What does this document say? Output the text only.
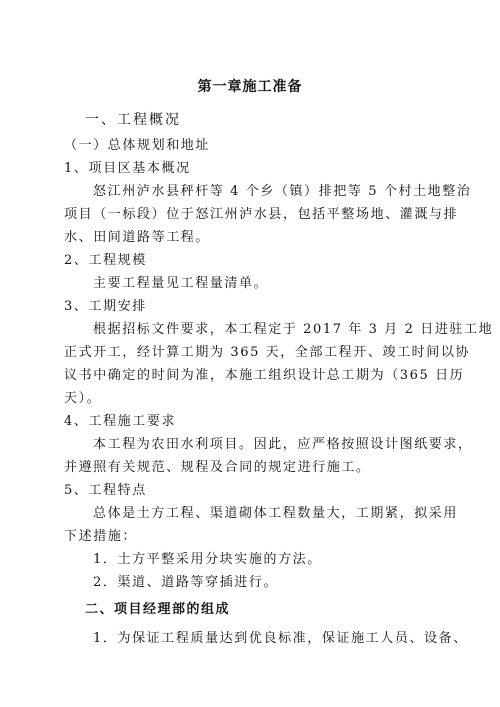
第一章施工准备
一、工程概况
（一）总体规划和地址
1、项目区基本概况
怒江州泸水县秤杆等 4 个乡（镇）排把等 5 个村土地整治
项目（一标段）位于怒江州泸水县，包括平整场地、灌溉与排
水、田间道路等工程。
2、工程规模
主要工程量见工程量清单。
3、工期安排
根据招标文件要求，本工程定于 2017 年 3 月 2 日进驻工地
正式开工，经计算工期为 365 天，全部工程开、竣工时间以协
议书中确定的时间为准，本施工组织设计总工期为（365 日历
天）。
4、工程施工要求
本工程为农田水利项目。因此，应严格按照设计图纸要求，
并遵照有关规范、规程及合同的规定进行施工。
5、工程特点
总体是土方工程、渠道砌体工程数量大，工期紧，拟采用
下述措施：
1．土方平整采用分块实施的方法。
2．渠道、道路等穿插进行。
二、项目经理部的组成
1．为保证工程质量达到优良标准，保证施工人员、设备、
